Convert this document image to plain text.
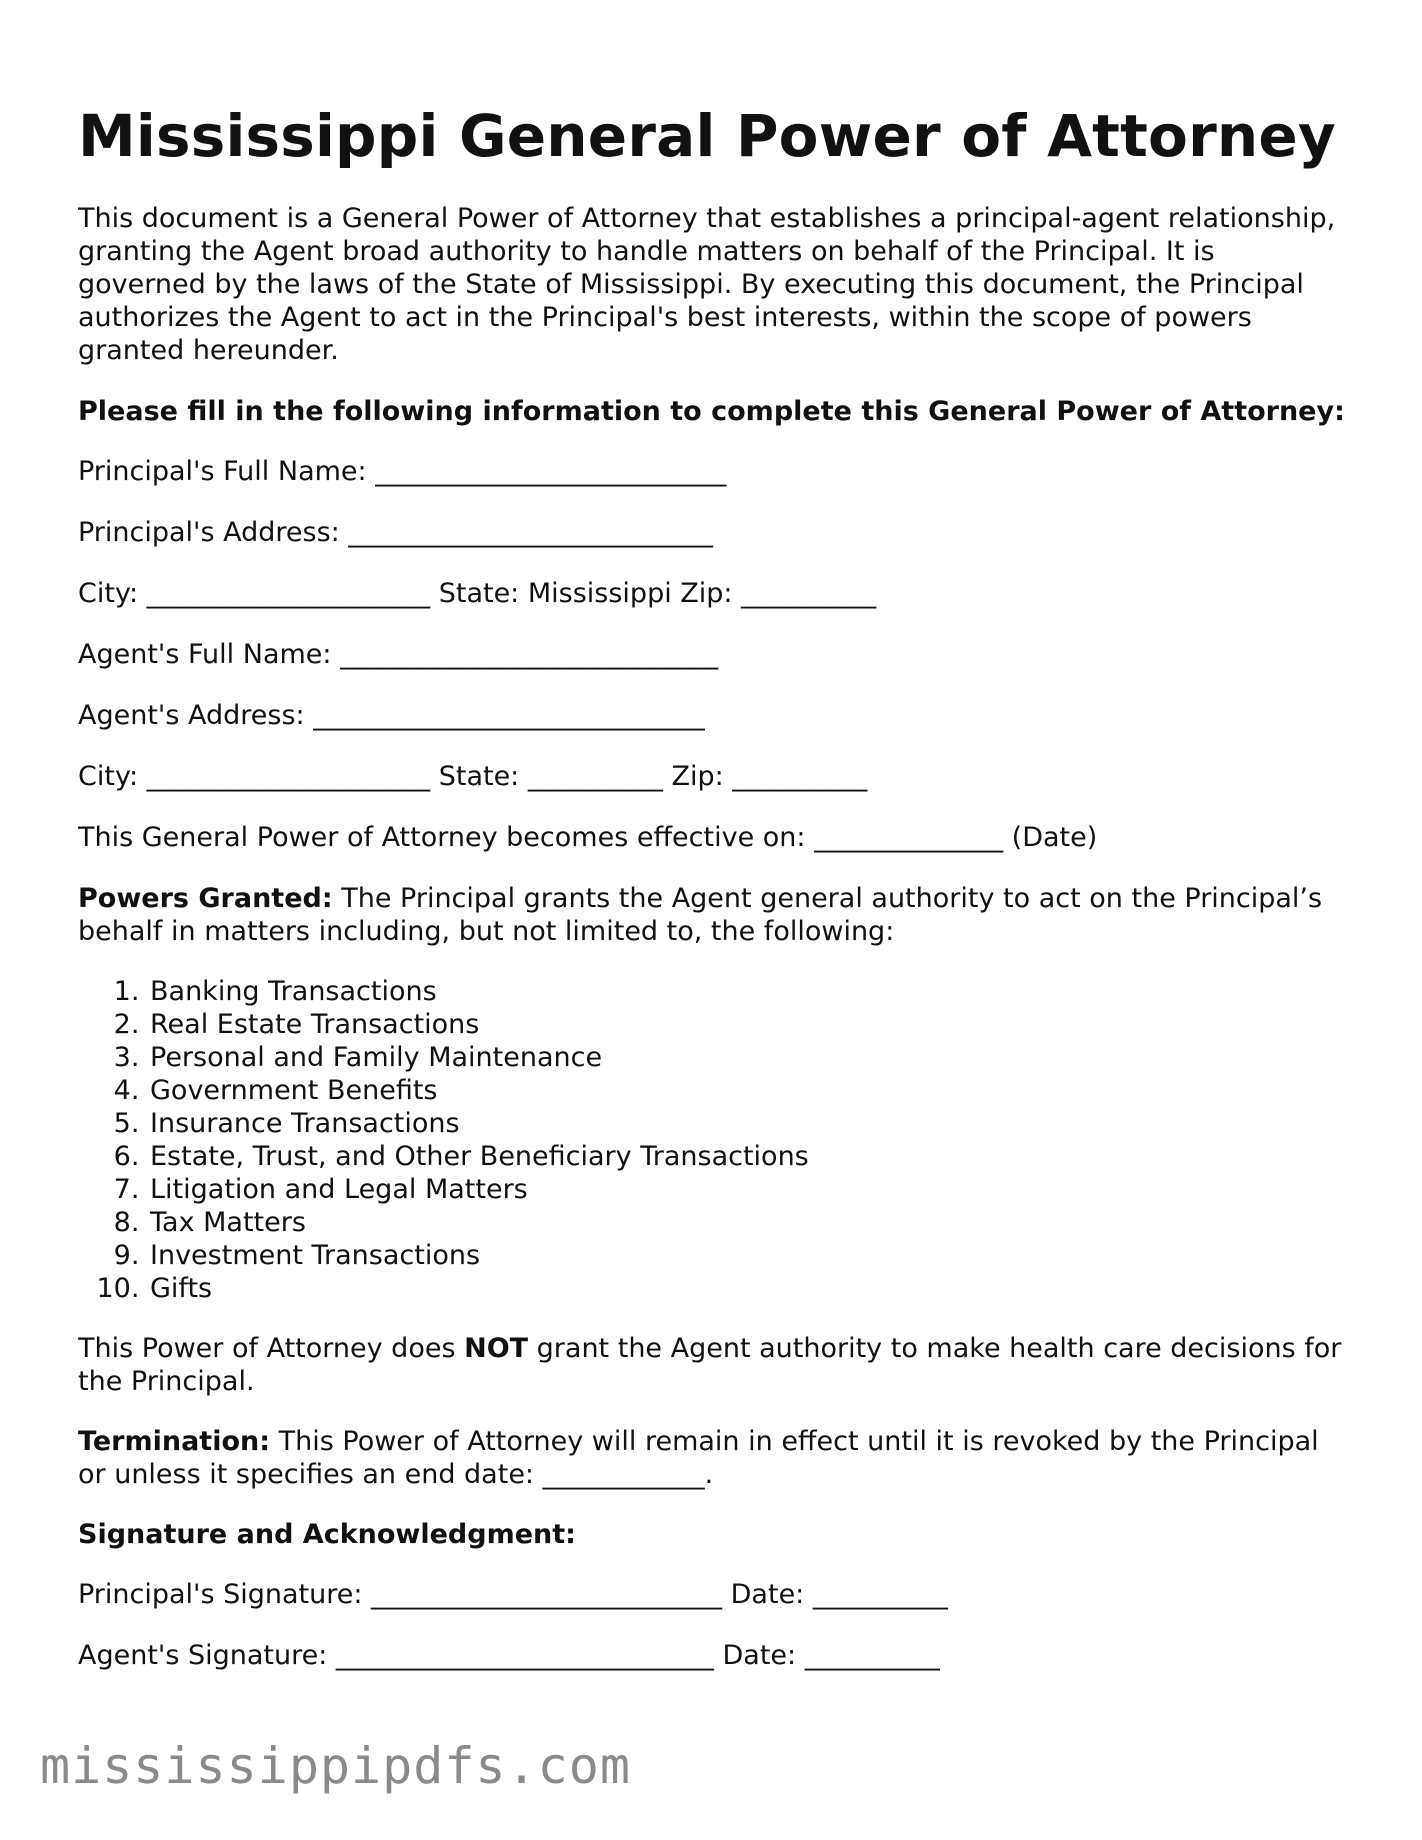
Mississippi General Power of Attorney

This document is a General Power of Attorney that establishes a principal-agent relationship, granting the Agent broad authority to handle matters on behalf of the Principal. It is governed by the laws of the State of Mississippi. By executing this document, the Principal authorizes the Agent to act in the Principal's best interests, within the scope of powers granted hereunder.

Please fill in the following information to complete this General Power of Attorney:

Principal's Full Name: __________________________
Principal's Address: ___________________________
City: _____________________ State: Mississippi Zip: __________
Agent's Full Name: ____________________________
Agent's Address: _____________________________
City: _____________________ State: __________ Zip: __________
This General Power of Attorney becomes effective on: ______________ (Date)

Powers Granted: The Principal grants the Agent general authority to act on the Principal’s behalf in matters including, but not limited to, the following:

1. Banking Transactions
2. Real Estate Transactions
3. Personal and Family Maintenance
4. Government Benefits
5. Insurance Transactions
6. Estate, Trust, and Other Beneficiary Transactions
7. Litigation and Legal Matters
8. Tax Matters
9. Investment Transactions
10. Gifts

This Power of Attorney does NOT grant the Agent authority to make health care decisions for the Principal.

Termination: This Power of Attorney will remain in effect until it is revoked by the Principal or unless it specifies an end date: ____________.

Signature and Acknowledgment:

Principal's Signature: __________________________ Date: __________
Agent's Signature: ____________________________ Date: __________
mississippipdfs.com
